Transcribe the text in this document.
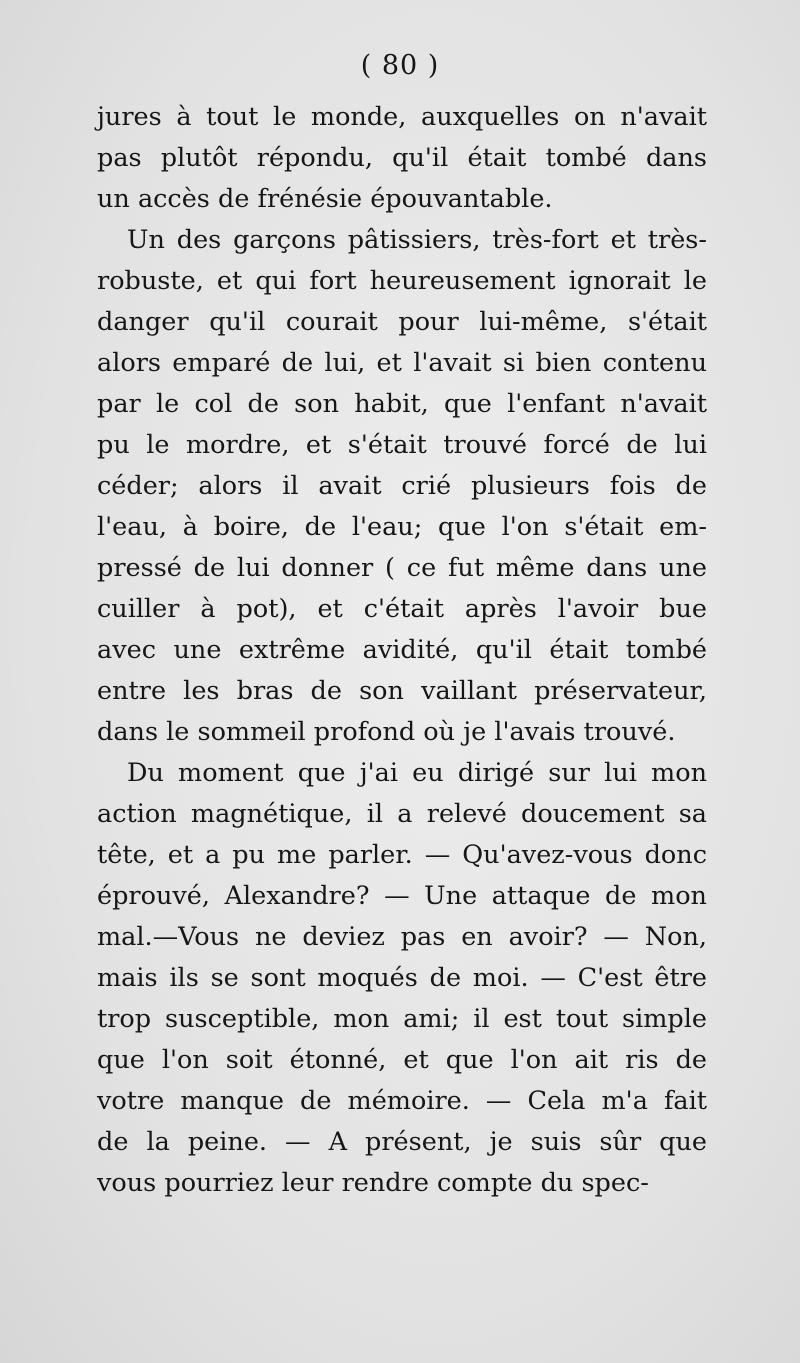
( 80 )
jures à tout le monde, auxquelles on n'avait
pas plutôt répondu, qu'il était tombé dans
un accès de frénésie épouvantable.
Un des garçons pâtissiers, très-fort et très-
robuste, et qui fort heureusement ignorait le
danger qu'il courait pour lui-même, s'était
alors emparé de lui, et l'avait si bien contenu
par le col de son habit, que l'enfant n'avait
pu le mordre, et s'était trouvé forcé de lui
céder; alors il avait crié plusieurs fois de
l'eau, à boire, de l'eau; que l'on s'était em-
pressé de lui donner ( ce fut même dans une
cuiller à pot), et c'était après l'avoir bue
avec une extrême avidité, qu'il était tombé
entre les bras de son vaillant préservateur,
dans le sommeil profond où je l'avais trouvé.
Du moment que j'ai eu dirigé sur lui mon
action magnétique, il a relevé doucement sa
tête, et a pu me parler. — Qu'avez-vous donc
éprouvé, Alexandre? — Une attaque de mon
mal.—Vous ne deviez pas en avoir? — Non,
mais ils se sont moqués de moi. — C'est être
trop susceptible, mon ami; il est tout simple
que l'on soit étonné, et que l'on ait ris de
votre manque de mémoire. — Cela m'a fait
de la peine. — A présent, je suis sûr que
vous pourriez leur rendre compte du spec-
